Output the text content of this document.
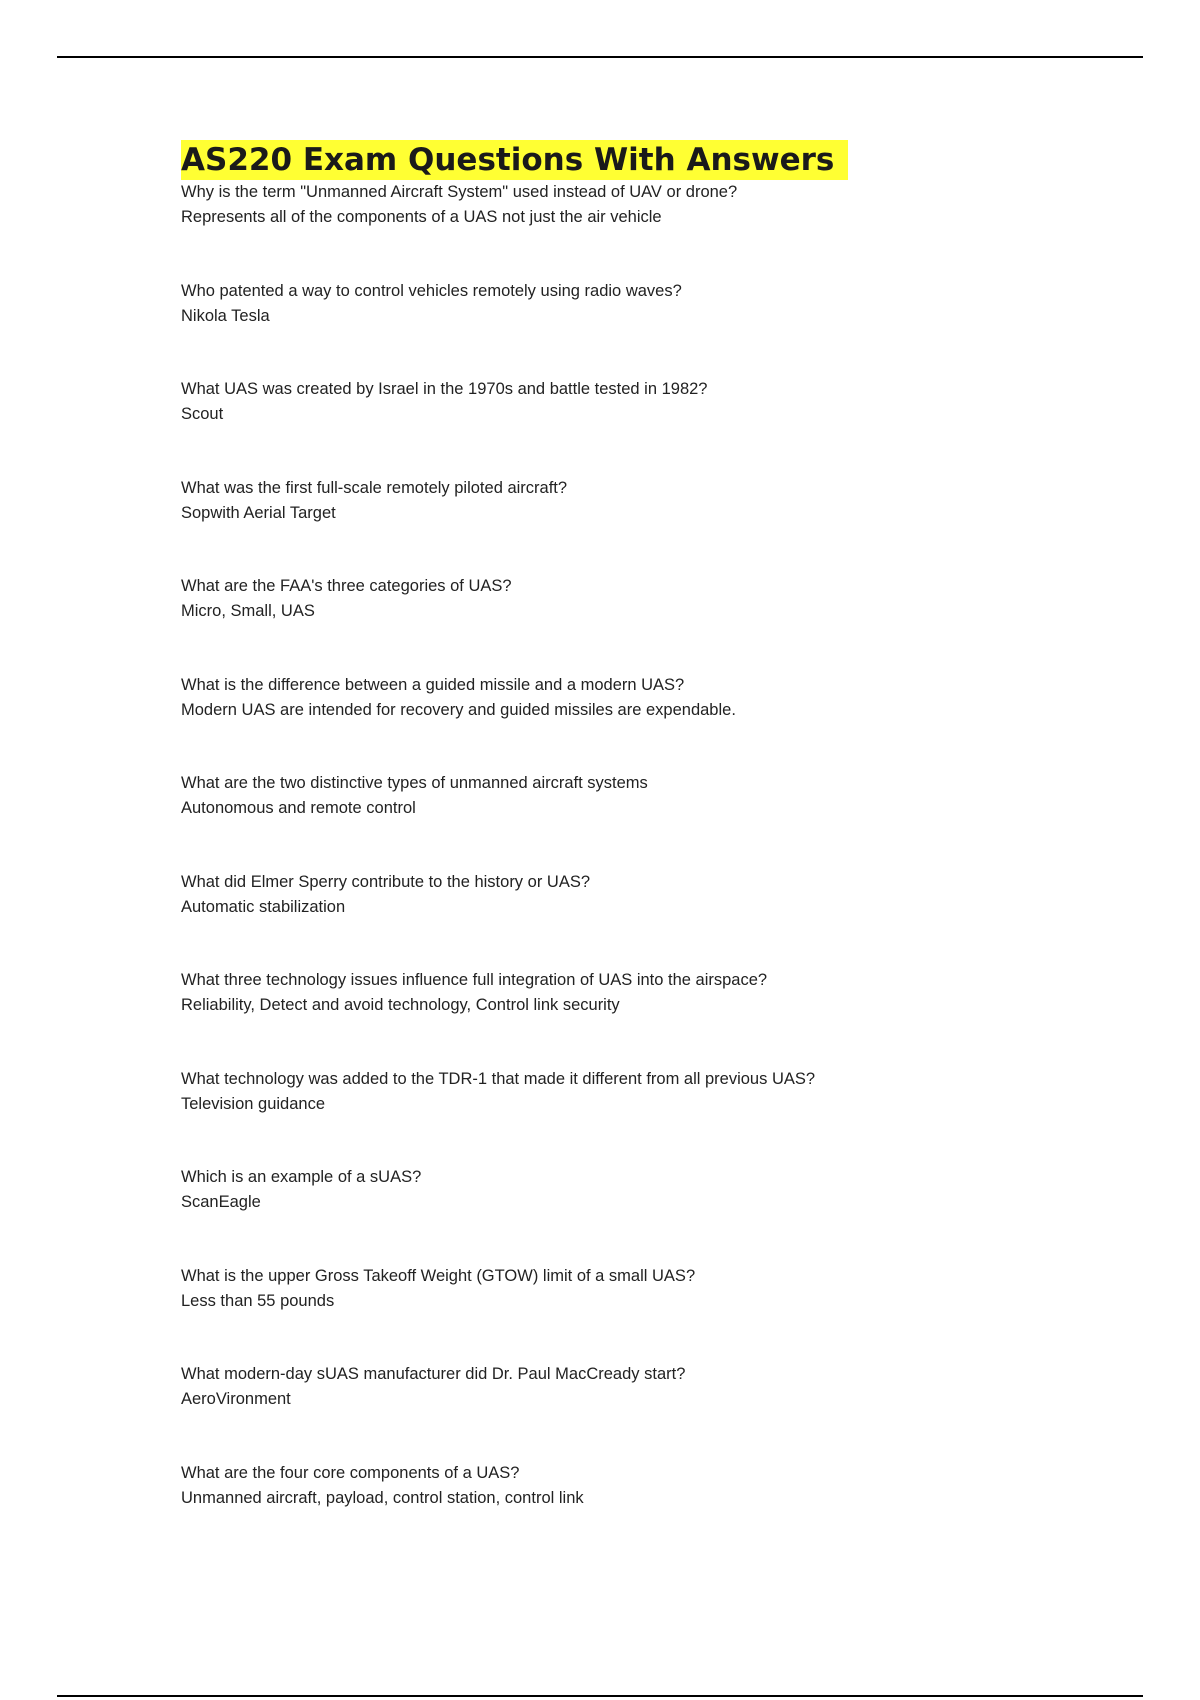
AS220 Exam Questions With Answers
Why is the term "Unmanned Aircraft System" used instead of UAV or drone?
Represents all of the components of a UAS not just the air vehicle
Who patented a way to control vehicles remotely using radio waves?
Nikola Tesla
What UAS was created by Israel in the 1970s and battle tested in 1982?
Scout
What was the first full-scale remotely piloted aircraft?
Sopwith Aerial Target
What are the FAA's three categories of UAS?
Micro, Small, UAS
What is the difference between a guided missile and a modern UAS?
Modern UAS are intended for recovery and guided missiles are expendable.
What are the two distinctive types of unmanned aircraft systems
Autonomous and remote control
What did Elmer Sperry contribute to the history or UAS?
Automatic stabilization
What three technology issues influence full integration of UAS into the airspace?
Reliability, Detect and avoid technology, Control link security
What technology was added to the TDR-1 that made it different from all previous UAS?
Television guidance
Which is an example of a sUAS?
ScanEagle
What is the upper Gross Takeoff Weight (GTOW) limit of a small UAS?
Less than 55 pounds
What modern-day sUAS manufacturer did Dr. Paul MacCready start?
AeroVironment
What are the four core components of a UAS?
Unmanned aircraft, payload, control station, control link
